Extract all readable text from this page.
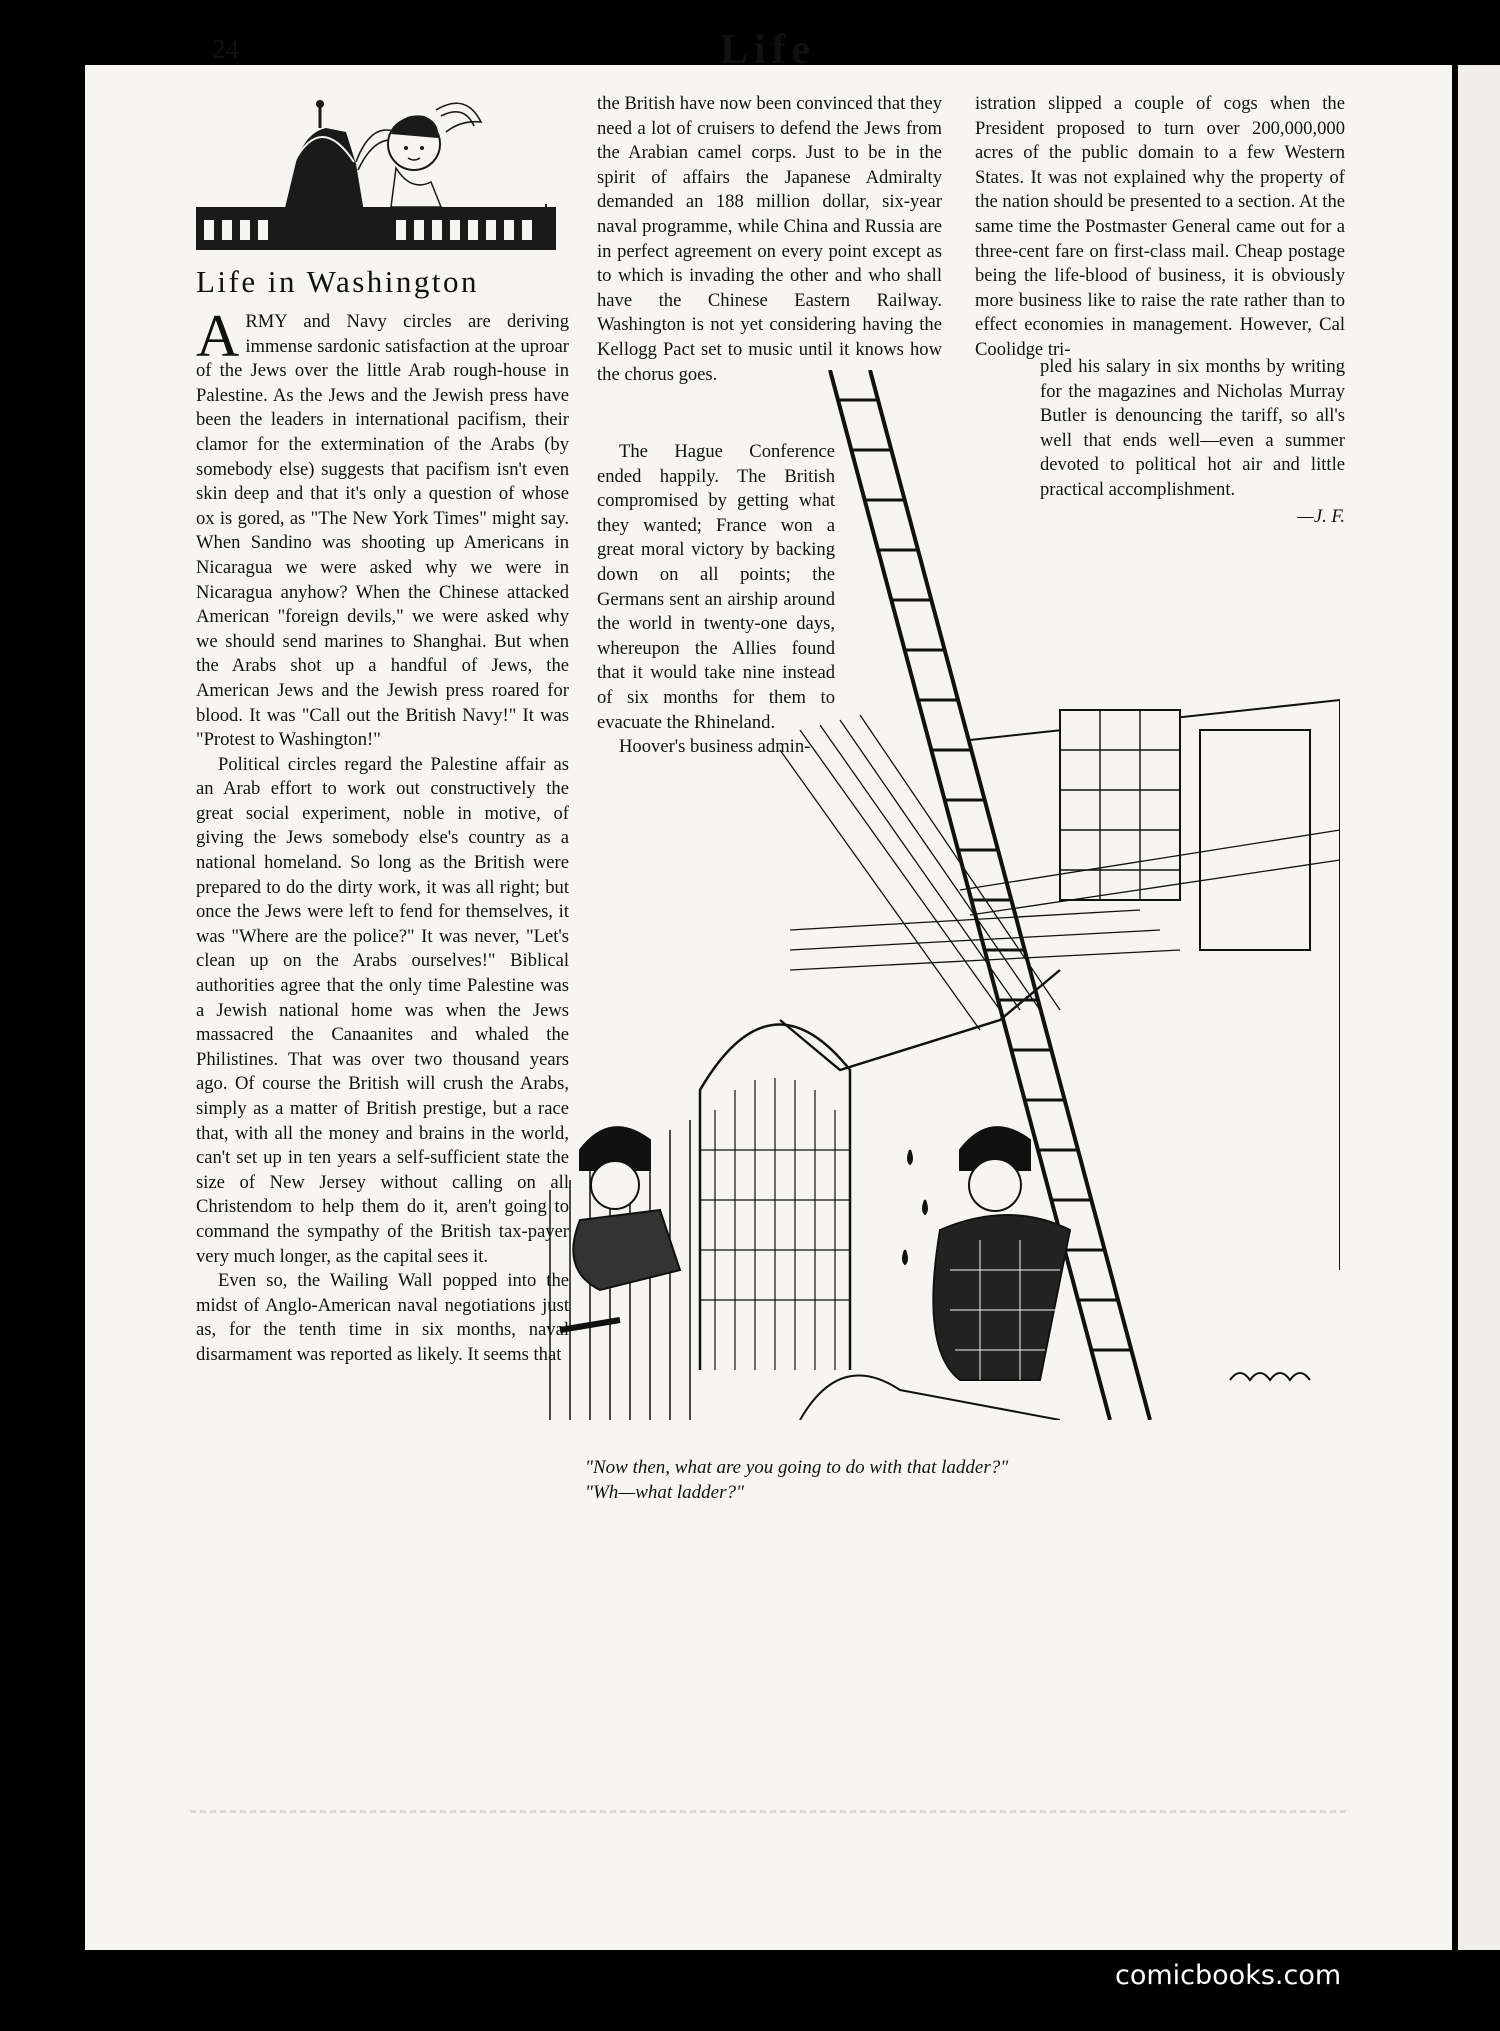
24	Life
Life in Washington

ARMY and Navy circles are deriving immense sardonic satisfaction at the uproar of the Jews over the little Arab rough-house in Palestine. As the Jews and the Jewish press have been the leaders in international pacifism, their clamor for the extermination of the Arabs (by somebody else) suggests that pacifism isn't even skin deep and that it's only a question of whose ox is gored, as "The New York Times" might say. When Sandino was shooting up Americans in Nicaragua we were asked why we were in Nicaragua anyhow? When the Chinese attacked American "foreign devils," we were asked why we should send marines to Shanghai. But when the Arabs shot up a handful of Jews, the American Jews and the Jewish press roared for blood. It was "Call out the British Navy!" It was "Protest to Washington!"

Political circles regard the Palestine affair as an Arab effort to work out constructively the great social experiment, noble in motive, of giving the Jews somebody else's country as a national homeland. So long as the British were prepared to do the dirty work, it was all right; but once the Jews were left to fend for themselves, it was "Where are the police?" It was never, "Let's clean up on the Arabs ourselves!" Biblical authorities agree that the only time Palestine was a Jewish national home was when the Jews massacred the Canaanites and whaled the Philistines. That was over two thousand years ago. Of course the British will crush the Arabs, simply as a matter of British prestige, but a race that, with all the money and brains in the world, can't set up in ten years a self-sufficient state the size of New Jersey without calling on all Christendom to help them do it, aren't going to command the sympathy of the British tax-payer very much longer, as the capital sees it.

Even so, the Wailing Wall popped into the midst of Anglo-American naval negotiations just as, for the tenth time in six months, naval disarmament was reported as likely. It seems that

the British have now been convinced that they need a lot of cruisers to defend the Jews from the Arabian camel corps. Just to be in the spirit of affairs the Japanese Admiralty demanded an 188 million dollar, six-year naval programme, while China and Russia are in perfect agreement on every point except as to which is invading the other and who shall have the Chinese Eastern Railway. Washington is not yet considering having the Kellogg Pact set to music until it knows how the chorus goes.

The Hague Conference ended happily. The British compromised by getting what they wanted; France won a great moral victory by backing down on all points; the Germans sent an airship around the world in twenty-one days, whereupon the Allies found that it would take nine instead of six months for them to evacuate the Rhineland.

Hoover's business admin-

istration slipped a couple of cogs when the President proposed to turn over 200,000,000 acres of the public domain to a few Western States. It was not explained why the property of the nation should be presented to a section. At the same time the Postmaster General came out for a three-cent fare on first-class mail. Cheap postage being the life-blood of business, it is obviously more business like to raise the rate rather than to effect economies in management. However, Cal Coolidge tri-

pled his salary in six months by writing for the magazines and Nicholas Murray Butler is denouncing the tariff, so all's well that ends well—even a summer devoted to political hot air and little practical accomplishment.

—J. F.
"Now then, what are you going to do with that ladder?"
"Wh—what ladder?"
comicbooks.com
